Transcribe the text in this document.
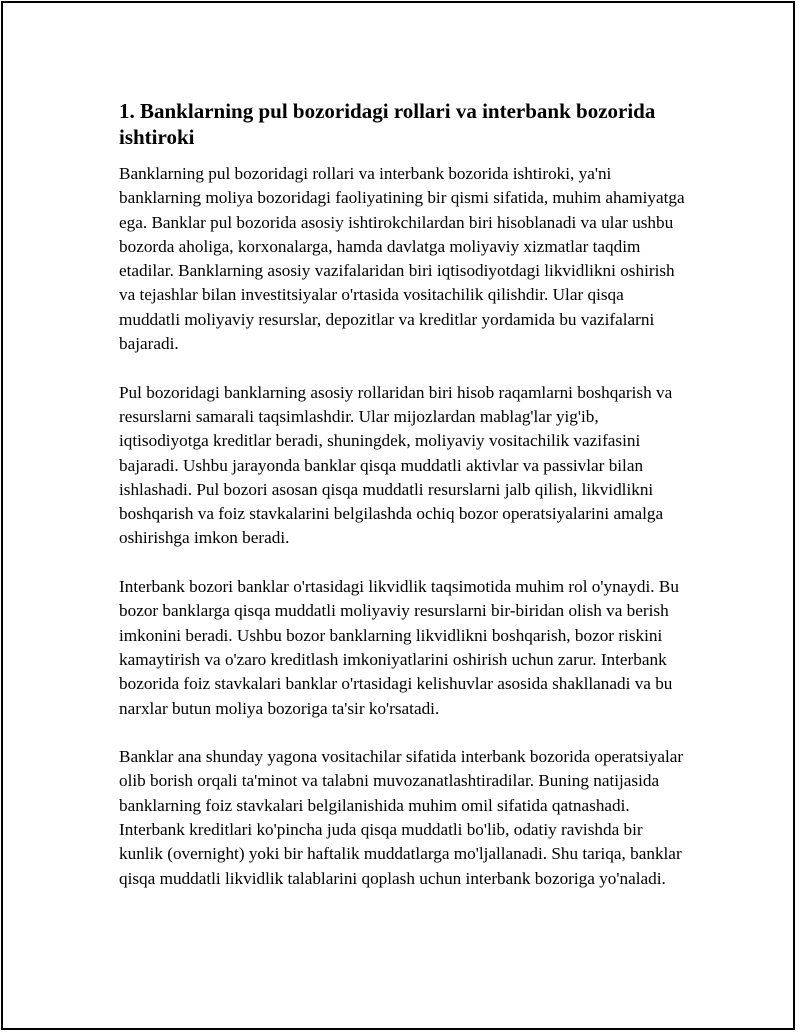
1. Banklarning pul bozoridagi rollari va interbank bozorida ishtiroki

Banklarning pul bozoridagi rollari va interbank bozorida ishtiroki, ya'ni banklarning moliya bozoridagi faoliyatining bir qismi sifatida, muhim ahamiyatga ega. Banklar pul bozorida asosiy ishtirokchilardan biri hisoblanadi va ular ushbu bozorda aholiga, korxonalarga, hamda davlatga moliyaviy xizmatlar taqdim etadilar. Banklarning asosiy vazifalaridan biri iqtisodiyotdagi likvidlikni oshirish va tejashlar bilan investitsiyalar o'rtasida vositachilik qilishdir. Ular qisqa muddatli moliyaviy resurslar, depozitlar va kreditlar yordamida bu vazifalarni bajaradi.

Pul bozoridagi banklarning asosiy rollaridan biri hisob raqamlarni boshqarish va resurslarni samarali taqsimlashdir. Ular mijozlardan mablag'lar yig'ib, iqtisodiyotga kreditlar beradi, shuningdek, moliyaviy vositachilik vazifasini bajaradi. Ushbu jarayonda banklar qisqa muddatli aktivlar va passivlar bilan ishlashadi. Pul bozori asosan qisqa muddatli resurslarni jalb qilish, likvidlikni boshqarish va foiz stavkalarini belgilashda ochiq bozor operatsiyalarini amalga oshirishga imkon beradi.

Interbank bozori banklar o'rtasidagi likvidlik taqsimotida muhim rol o'ynaydi. Bu bozor banklarga qisqa muddatli moliyaviy resurslarni bir-biridan olish va berish imkonini beradi. Ushbu bozor banklarning likvidlikni boshqarish, bozor riskini kamaytirish va o'zaro kreditlash imkoniyatlarini oshirish uchun zarur. Interbank bozorida foiz stavkalari banklar o'rtasidagi kelishuvlar asosida shakllanadi va bu narxlar butun moliya bozoriga ta'sir ko'rsatadi.

Banklar ana shunday yagona vositachilar sifatida interbank bozorida operatsiyalar olib borish orqali ta'minot va talabni muvozanatlashtiradilar. Buning natijasida banklarning foiz stavkalari belgilanishida muhim omil sifatida qatnashadi. Interbank kreditlari ko'pincha juda qisqa muddatli bo'lib, odatiy ravishda bir kunlik (overnight) yoki bir haftalik muddatlarga mo'ljallanadi. Shu tariqa, banklar qisqa muddatli likvidlik talablarini qoplash uchun interbank bozoriga yo'naladi.
